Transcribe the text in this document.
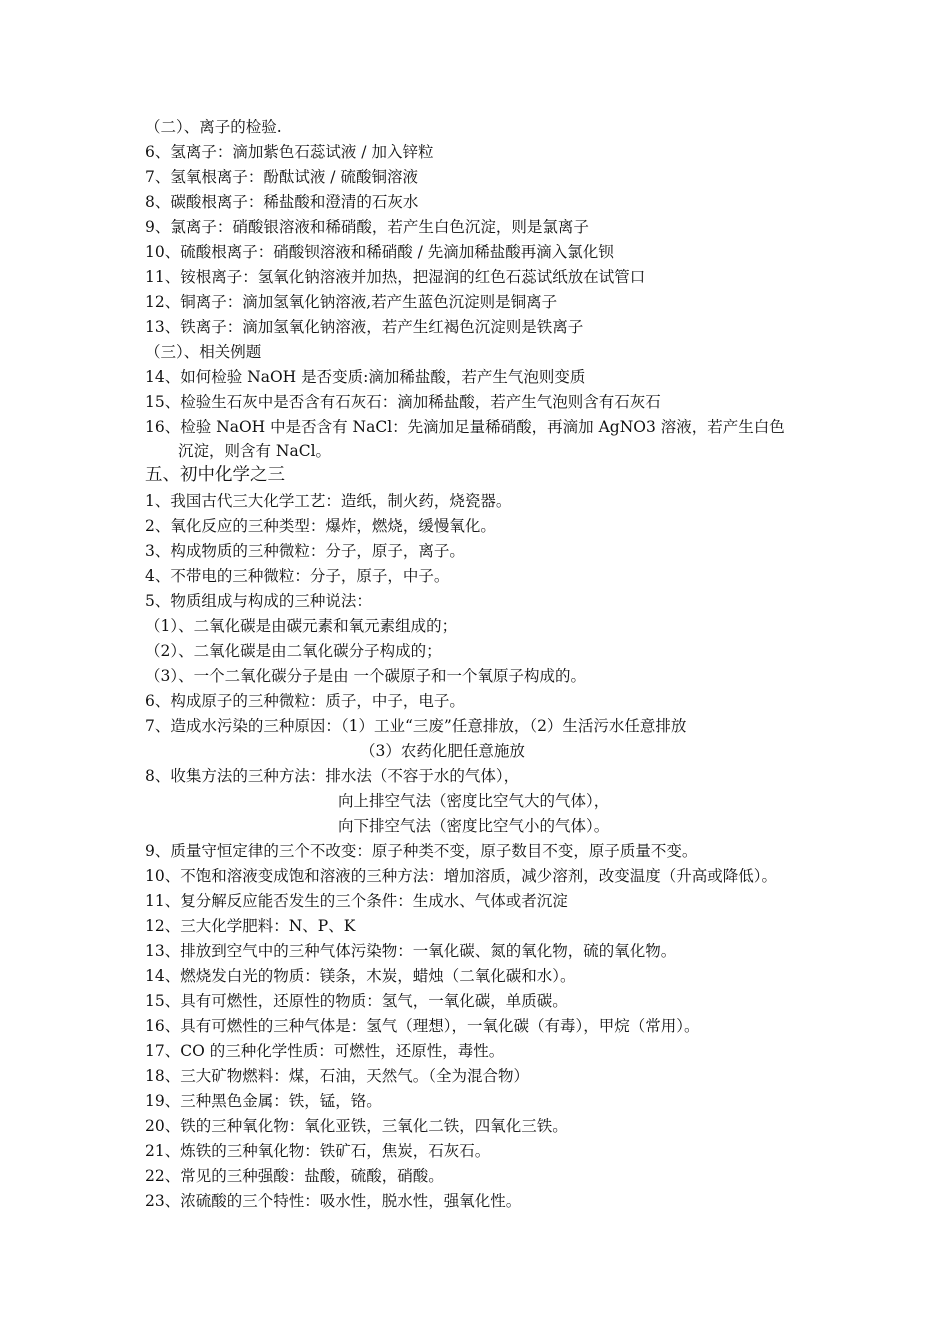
（二）、离子的检验.
6、氢离子：滴加紫色石蕊试液 / 加入锌粒
7、氢氧根离子：酚酞试液 / 硫酸铜溶液
8、碳酸根离子：稀盐酸和澄清的石灰水
9、氯离子：硝酸银溶液和稀硝酸，若产生白色沉淀，则是氯离子
10、硫酸根离子：硝酸钡溶液和稀硝酸 / 先滴加稀盐酸再滴入氯化钡
11、铵根离子：氢氧化钠溶液并加热，把湿润的红色石蕊试纸放在试管口
12、铜离子：滴加氢氧化钠溶液,若产生蓝色沉淀则是铜离子
13、铁离子：滴加氢氧化钠溶液，若产生红褐色沉淀则是铁离子
（三）、相关例题
14、如何检验 NaOH 是否变质:滴加稀盐酸，若产生气泡则变质
15、检验生石灰中是否含有石灰石：滴加稀盐酸，若产生气泡则含有石灰石
16、检验 NaOH 中是否含有 NaCl：先滴加足量稀硝酸，再滴加 AgNO3 溶液，若产生白色
沉淀，则含有 NaCl。
五、初中化学之三
1、我国古代三大化学工艺：造纸，制火药，烧瓷器。
2、氧化反应的三种类型：爆炸，燃烧，缓慢氧化。
3、构成物质的三种微粒：分子，原子，离子。
4、不带电的三种微粒：分子，原子，中子。
5、物质组成与构成的三种说法：
（1）、二氧化碳是由碳元素和氧元素组成的；
（2）、二氧化碳是由二氧化碳分子构成的；
（3）、一个二氧化碳分子是由 一个碳原子和一个氧原子构成的。
6、构成原子的三种微粒：质子，中子，电子。
7、造成水污染的三种原因：（1）工业“三废”任意排放，（2）生活污水任意排放
（3）农药化肥任意施放
8、收集方法的三种方法：排水法（不容于水的气体），
向上排空气法（密度比空气大的气体），
向下排空气法（密度比空气小的气体）。
9、质量守恒定律的三个不改变：原子种类不变，原子数目不变，原子质量不变。
10、不饱和溶液变成饱和溶液的三种方法：增加溶质，减少溶剂，改变温度（升高或降低）。
11、复分解反应能否发生的三个条件：生成水、气体或者沉淀
12、三大化学肥料：N、P、K
13、排放到空气中的三种气体污染物：一氧化碳、氮的氧化物，硫的氧化物。
14、燃烧发白光的物质：镁条，木炭，蜡烛（二氧化碳和水）。
15、具有可燃性，还原性的物质：氢气，一氧化碳，单质碳。
16、具有可燃性的三种气体是：氢气（理想），一氧化碳（有毒），甲烷（常用）。
17、CO 的三种化学性质：可燃性，还原性，毒性。
18、三大矿物燃料：煤，石油，天然气。（全为混合物）
19、三种黑色金属：铁，锰，铬。
20、铁的三种氧化物：氧化亚铁，三氧化二铁，四氧化三铁。
21、炼铁的三种氧化物：铁矿石，焦炭，石灰石。
22、常见的三种强酸：盐酸，硫酸，硝酸。
23、浓硫酸的三个特性：吸水性，脱水性，强氧化性。
